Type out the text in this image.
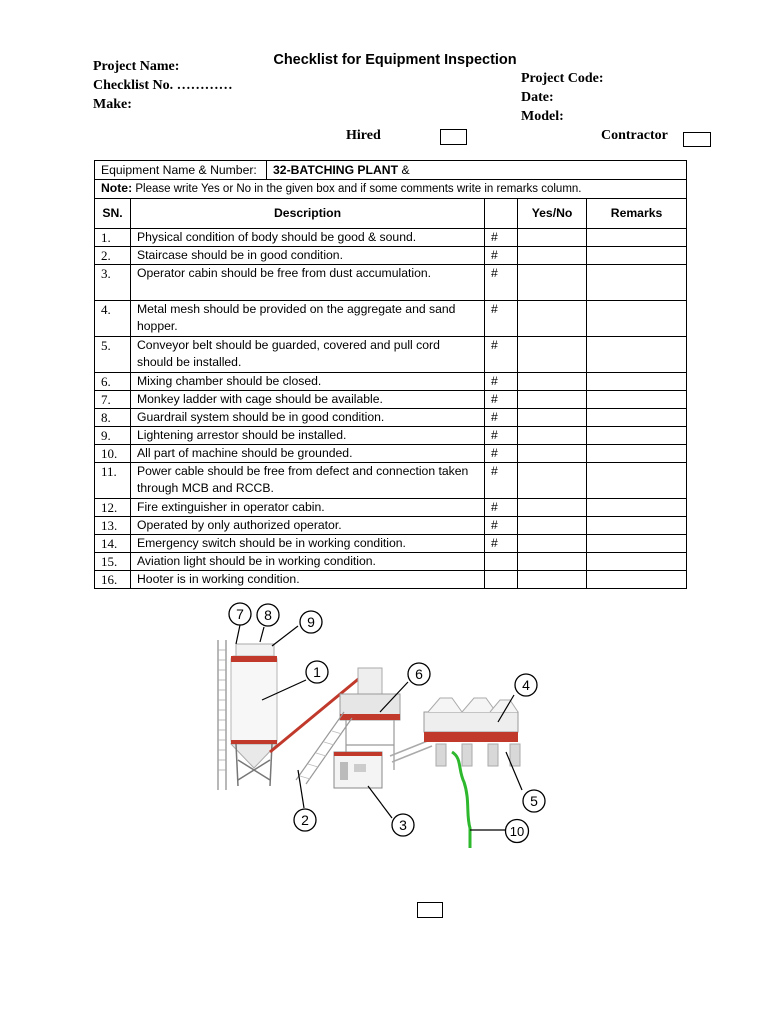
Checklist for Equipment Inspection
Project Name:
Checklist No. …………
Make:
Project Code:
Date:
Model:
Hired	Contractor
Equipment Name & Number:		32-BATCHING PLANT &			
Note: Please write Yes or No in the given box and if some comments write in remarks column.					
SN.	Description			Yes/No	Remarks
1.	Physical condition of body should be good & sound.		#		
2.	Staircase should be in good condition.		#		
3.	Operator cabin should be free from dust accumulation.		#		
4.	Metal mesh should be provided on the aggregate and sand hopper.		#		
5.	Conveyor belt should be guarded, covered and pull cord should be installed.		#		
6.	Mixing chamber should be closed.		#		
7.	Monkey ladder with cage should be available.		#		
8.	Guardrail system should be in good condition.		#		
9.	Lightening arrestor should be installed.		#		
10.	All part of machine should be grounded.		#		
11.	Power cable should be free from defect and connection taken through MCB and RCCB.		#		
12.	Fire extinguisher in operator cabin.		#		
13.	Operated by only authorized operator.		#		
14.	Emergency switch should be in working condition.		#		
15.	Aviation light should be in working condition.				
16.	Hooter is in working condition.				
1
2	3
4
5
6
7 8	9
10
